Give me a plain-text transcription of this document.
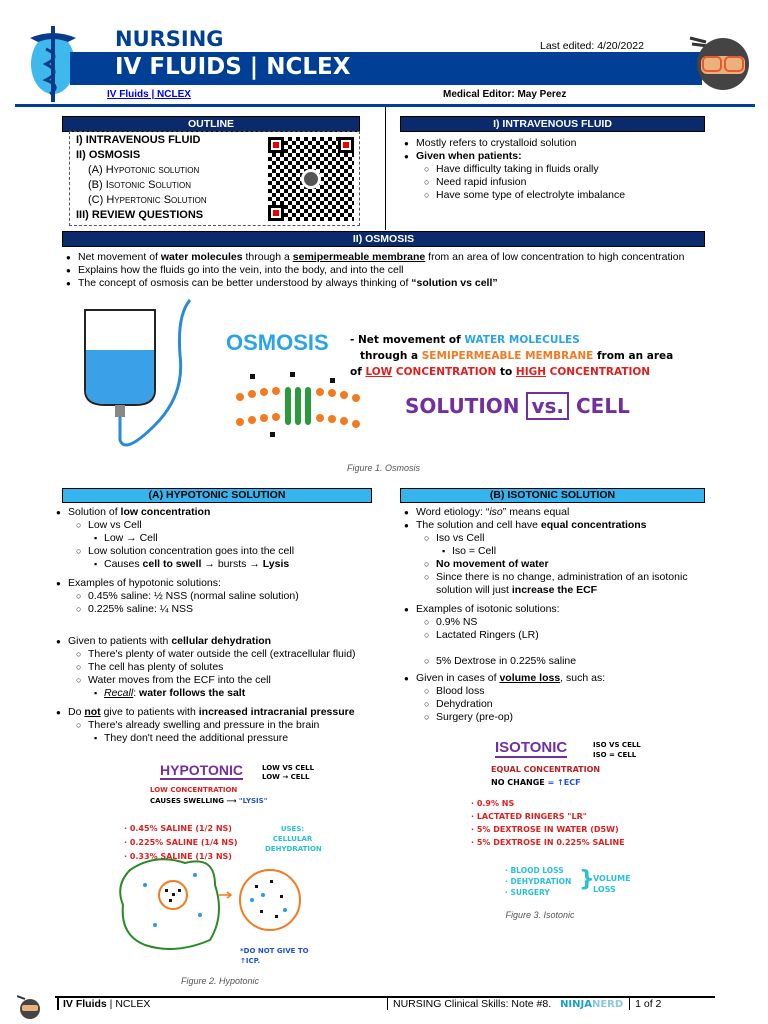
NURSING
IV FLUIDS | NCLEX
Last edited: 4/20/2022
IV Fluids | NCLEX	Medical Editor: May Perez
OUTLINE
I) INTRAVENOUS FLUID
II) OSMOSIS
(A) Hypotonic solution
(B) Isotonic Solution
(C) Hypertonic Solution
III) REVIEW QUESTIONS
I) INTRAVENOUS FLUID
● Mostly refers to crystalloid solution
● Given when patients:
○ Have difficulty taking in fluids orally
○ Need rapid infusion
○ Have some type of electrolyte imbalance
II) OSMOSIS
● Net movement of water molecules through a semipermeable membrane from an area of low concentration to high concentration
● Explains how the fluids go into the vein, into the body, and into the cell
● The concept of osmosis can be better understood by always thinking of “solution vs cell”
OSMOSIS - Net movement of WATER MOLECULES
through a SEMIPERMEABLE MEMBRANE from an area
of LOW CONCENTRATION to HIGH CONCENTRATION
SOLUTION vs. CELL
Figure 1. Osmosis
(A) HYPOTONIC SOLUTION
● Solution of low concentration
○ Low vs Cell
▪ Low → Cell
○ Low solution concentration goes into the cell
▪ Causes cell to swell → bursts → Lysis
● Examples of hypotonic solutions:
○ 0.45% saline: ½ NSS (normal saline solution)
○ 0.225% saline: ¼ NSS
● Given to patients with cellular dehydration
○ There's plenty of water outside the cell (extracellular fluid)
○ The cell has plenty of solutes
○ Water moves from the ECF into the cell
▪ Recall: water follows the salt
● Do not give to patients with increased intracranial pressure
○ There's already swelling and pressure in the brain
▪ They don't need the additional pressure
HYPOTONIC	LOW VS CELL
LOW → CELL
LOW CONCENTRATION
CAUSES SWELLING ⟶ "LYSIS"
· 0.45% SALINE (1/2 NS)
· 0.225% SALINE (1/4 NS)
· 0.33% SALINE (1/3 NS)
USES: CELLULAR DEHYDRATION
*DO NOT GIVE TO ↑ICP.
Figure 2. Hypotonic
(B) ISOTONIC SOLUTION
● Word etiology: “iso” means equal
● The solution and cell have equal concentrations
○ Iso vs Cell
▪ Iso = Cell
○ No movement of water
○ Since there is no change, administration of an isotonic solution will just increase the ECF
● Examples of isotonic solutions:
○ 0.9% NS
○ Lactated Ringers (LR)
○ 5% Dextrose in 0.225% saline
● Given in cases of volume loss, such as:
○ Blood loss
○ Dehydration
○ Surgery (pre-op)
ISOTONIC	ISO VS CELL
ISO = CELL
EQUAL CONCENTRATION
NO CHANGE = ↑ECF
· 0.9% NS
· LACTATED RINGERS "LR"
· 5% DEXTROSE IN WATER (D5W)
· 5% DEXTROSE IN 0.225% SALINE
· BLOOD LOSS
· DEHYDRATION
· SURGERY
}
VOLUME LOSS
Figure 3. Isotonic
IV Fluids | NCLEX	NURSING Clinical Skills: Note #8. NINJANERD 1 of 2
